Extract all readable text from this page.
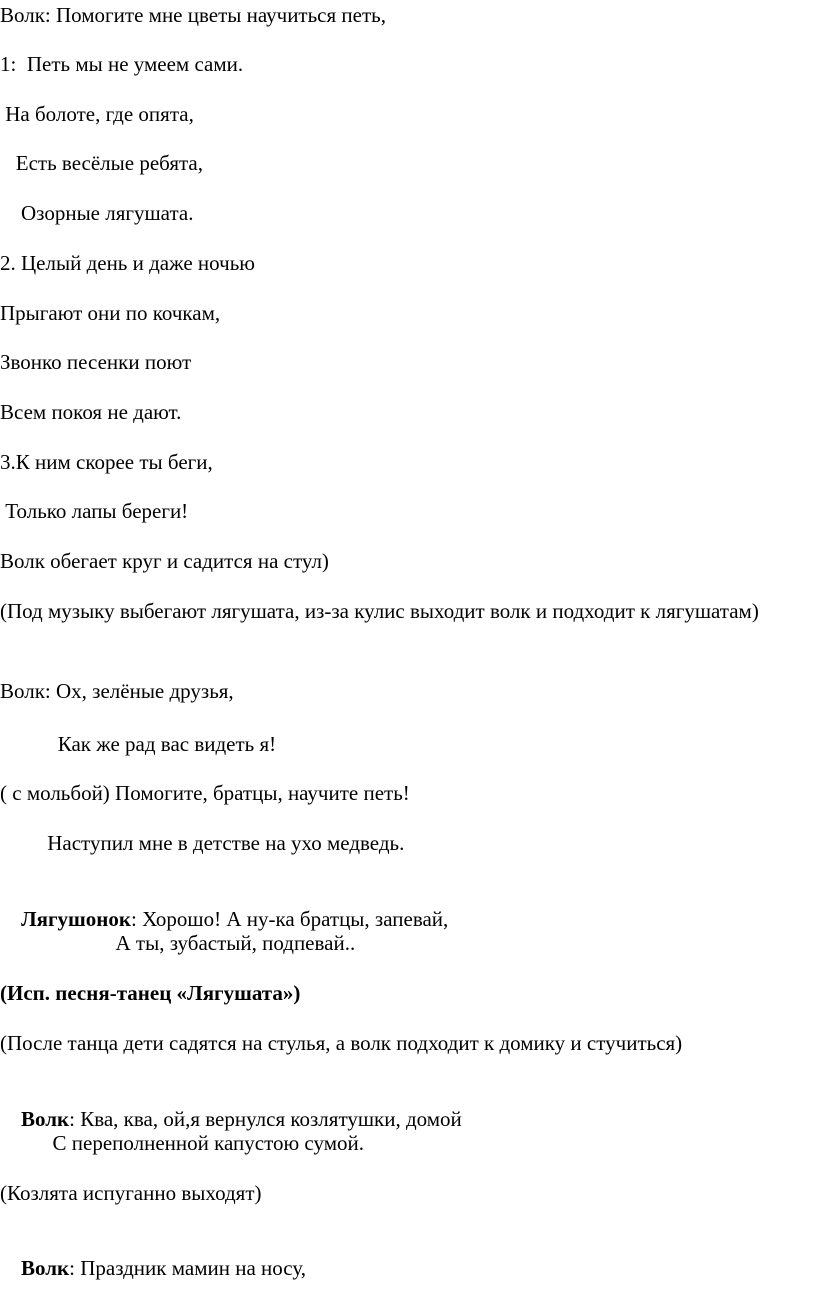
Волк: Помогите мне цветы научиться петь,
1:  Петь мы не умеем сами.
На болоте, где опята,
Есть весёлые ребята,
Озорные лягушата.
2. Целый день и даже ночью
Прыгают они по кочкам,
Звонко песенки поют
Всем покоя не дают.
3.К ним скорее ты беги,
Только лапы береги!
Волк обегает круг и садится на стул)
(Под музыку выбегают лягушата, из-за кулис выходит волк и подходит к лягушатам)
Волк: Ох, зелёные друзья,
Как же рад вас видеть я!
( с мольбой) Помогите, братцы, научите петь!
Наступил мне в детстве на ухо медведь.

Лягушонок: Хорошо! А ну-ка братцы, запевай,

А ты, зубастый, подпевай..
(Исп. песня-танец «Лягушата»)
(После танца дети садятся на стулья, а волк подходит к домику и стучиться)

Волк: Ква, ква, ой,я вернулся козлятушки, домой

С переполненной капустою сумой.
(Козлята испуганно выходят)

Волк: Праздник мамин на носу,
